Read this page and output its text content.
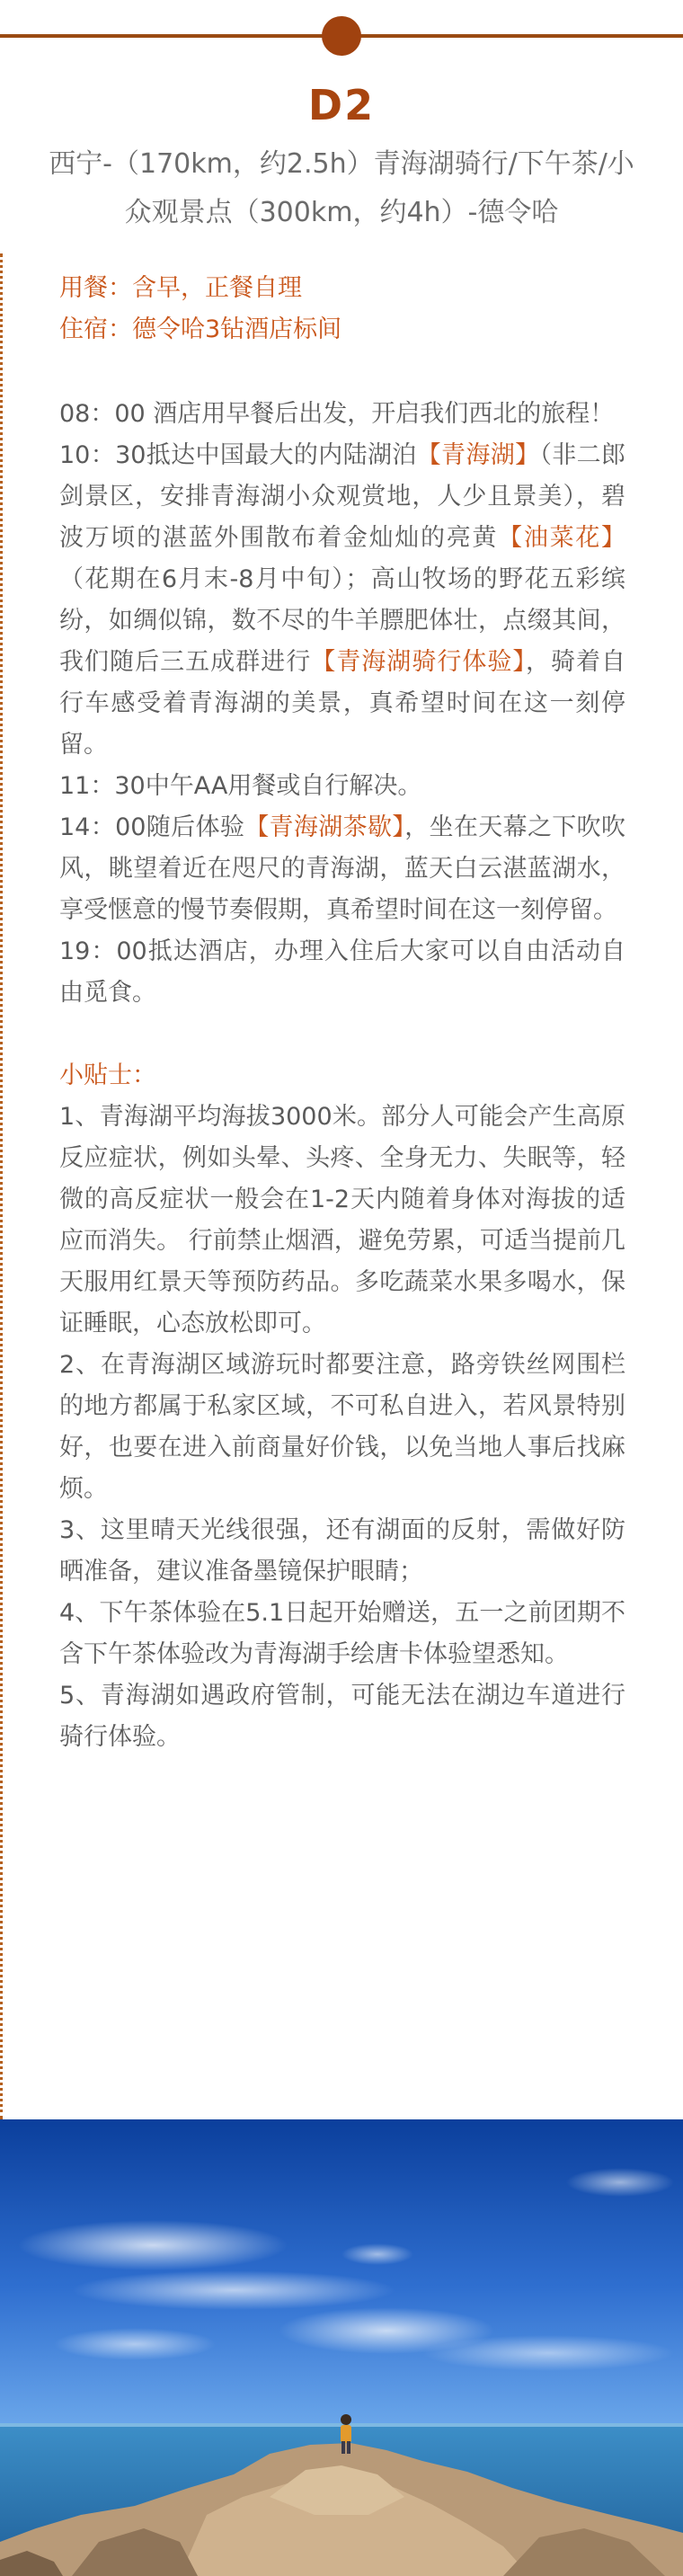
D2
西宁-（170km，约2.5h）青海湖骑行/下午茶/小众观景点（300km，约4h）-德令哈

用餐：含早，正餐自理

住宿：德令哈3钻酒店标间

08：00 酒店用早餐后出发，开启我们西北的旅程！

10：30抵达中国最大的内陆湖泊【青海湖】（非二郎剑景区，安排青海湖小众观赏地，人少且景美），碧波万顷的湛蓝外围散布着金灿灿的亮黄【油菜花】（花期在6月末-8月中旬）；高山牧场的野花五彩缤纷，如绸似锦，数不尽的牛羊膘肥体壮，点缀其间，我们随后三五成群进行【青海湖骑行体验】，骑着自行车感受着青海湖的美景，真希望时间在这一刻停留。

11：30中午AA用餐或自行解决。

14：00随后体验【青海湖茶歇】，坐在天幕之下吹吹风，眺望着近在咫尺的青海湖，蓝天白云湛蓝湖水，享受惬意的慢节奏假期，真希望时间在这一刻停留。

19：00抵达酒店，办理入住后大家可以自由活动自由觅食。

小贴士：

1、青海湖平均海拔3000米。部分人可能会产生高原反应症状，例如头晕、头疼、全身无力、失眠等，轻微的高反症状一般会在1-2天内随着身体对海拔的适应而消失。 行前禁止烟酒，避免劳累，可适当提前几天服用红景天等预防药品。多吃蔬菜水果多喝水，保证睡眠，心态放松即可。

2、在青海湖区域游玩时都要注意，路旁铁丝网围栏的地方都属于私家区域，不可私自进入，若风景特别好，也要在进入前商量好价钱，以免当地人事后找麻烦。

3、这里晴天光线很强，还有湖面的反射，需做好防晒准备，建议准备墨镜保护眼睛；

4、下午茶体验在5.1日起开始赠送，五一之前团期不含下午茶体验改为青海湖手绘唐卡体验望悉知。

5、青海湖如遇政府管制，可能无法在湖边车道进行骑行体验。
